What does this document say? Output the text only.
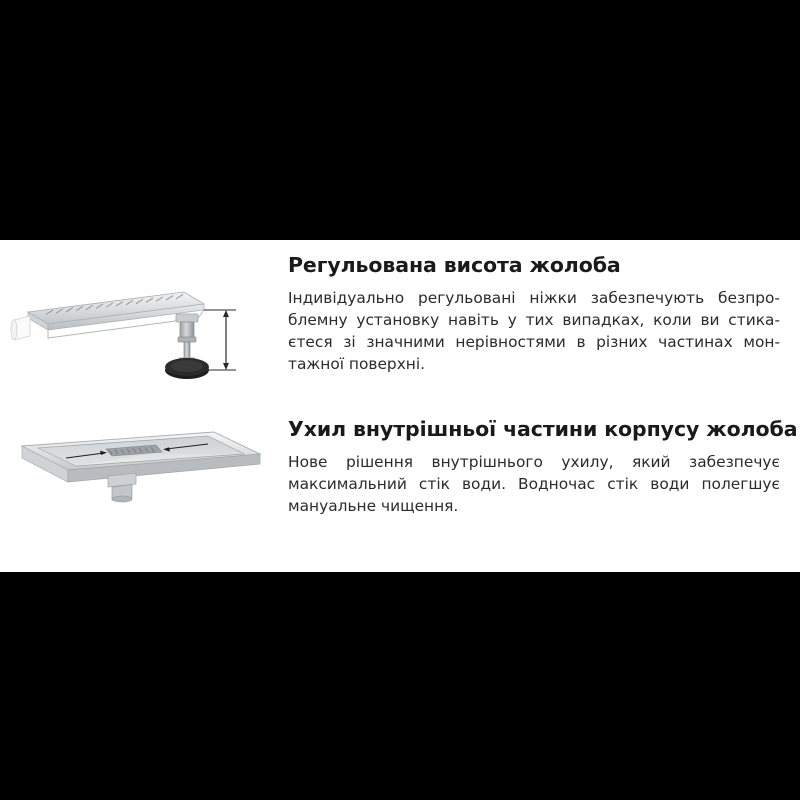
Регульована висота жолоба

Індивідуально регульовані ніжки забезпечують безпро-
блемну установку навіть у тих випадках, коли ви стика-
єтеся зі значними нерівностями в різних частинах мон-
тажної поверхні.

Ухил внутрішньої частини корпусу жолоба

Нове рішення внутрішнього ухилу, який забезпечує
максимальний стік води. Водночас стік води полегшує
мануальне чищення.
